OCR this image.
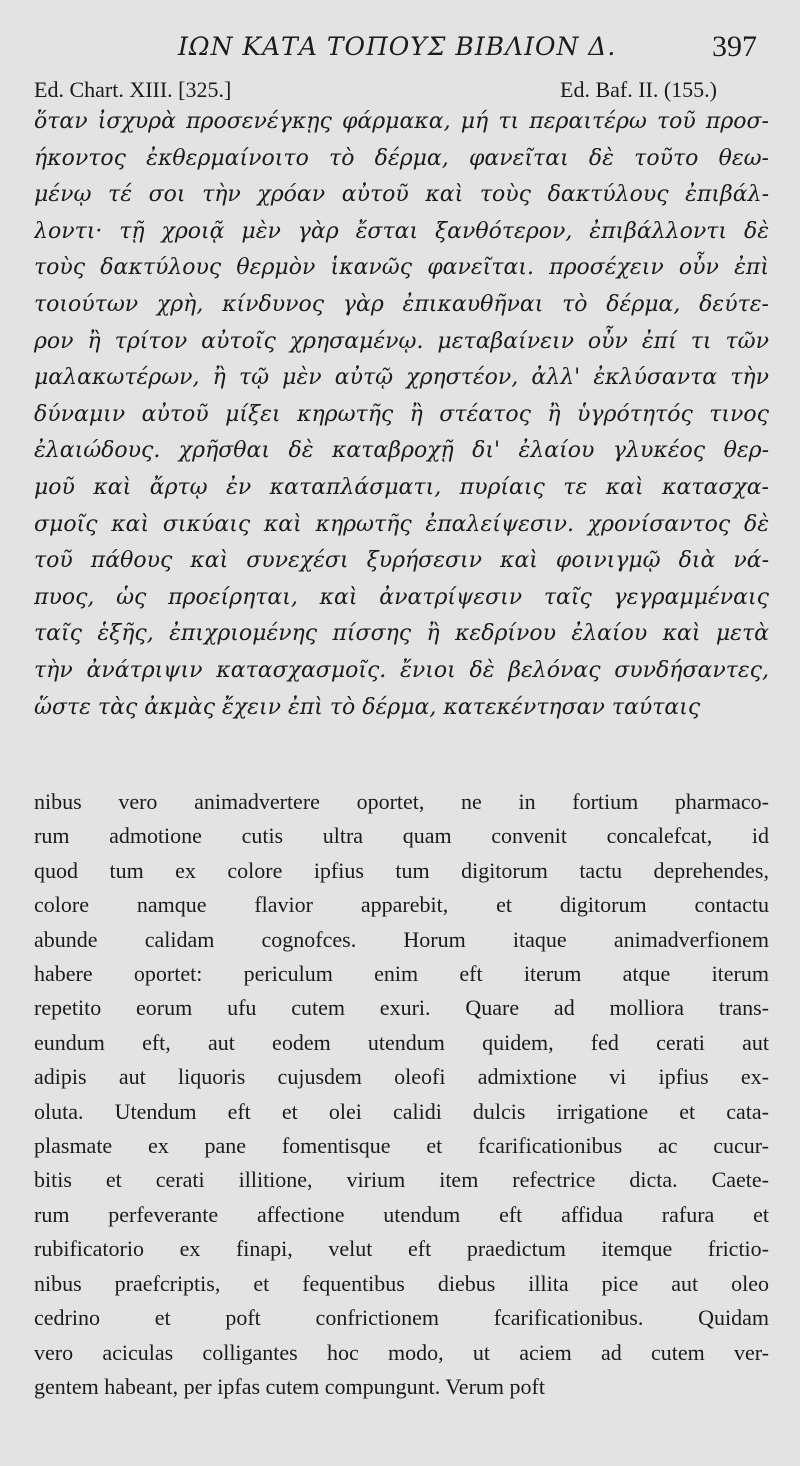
ΙΩΝ ΚΑΤΑ ΤΟΠΟΥΣ ΒΙΒΛΙΟΝ Δ.	397
Ed. Chart. XIII. [325.]	Ed. Baf. II. (155.)
ὅταν ἰσχυρὰ προσενέγκῃς φάρμακα, μή τι περαιτέρω τοῦ προσ-
ήκοντος ἐκθερμαίνοιτο τὸ δέρμα, φανεῖται δὲ τοῦτο θεω-
μένῳ τέ σοι τὴν χρόαν αὐτοῦ καὶ τοὺς δακτύλους ἐπιβάλ-
λοντι· τῇ χροιᾷ μὲν γὰρ ἔσται ξανθότερον, ἐπιβάλλοντι δὲ
τοὺς δακτύλους θερμὸν ἱκανῶς φανεῖται. προσέχειν οὖν ἐπὶ
τοιούτων χρὴ, κίνδυνος γὰρ ἐπικαυθῆναι τὸ δέρμα, δεύτε-
ρον ἢ τρίτον αὐτοῖς χρησαμένῳ. μεταβαίνειν οὖν ἐπί τι τῶν
μαλακωτέρων, ἢ τῷ μὲν αὐτῷ χρηστέον, ἀλλ' ἐκλύσαντα τὴν
δύναμιν αὐτοῦ μίξει κηρωτῆς ἢ στέατος ἢ ὑγρότητός τινος
ἐλαιώδους. χρῆσθαι δὲ καταβροχῇ δι' ἐλαίου γλυκέος θερ-
μοῦ καὶ ἄρτῳ ἐν καταπλάσματι, πυρίαις τε καὶ κατασχα-
σμοῖς καὶ σικύαις καὶ κηρωτῆς ἐπαλείψεσιν. χρονίσαντος δὲ
τοῦ πάθους καὶ συνεχέσι ξυρήσεσιν καὶ φοινιγμῷ διὰ νά-
πυος, ὡς προείρηται, καὶ ἀνατρίψεσιν ταῖς γεγραμμέναις
ταῖς ἑξῆς, ἐπιχριομένης πίσσης ἢ κεδρίνου ἐλαίου καὶ μετὰ
τὴν ἀνάτριψιν κατασχασμοῖς. ἔνιοι δὲ βελόνας συνδήσαντες,
ὥστε τὰς ἀκμὰς ἔχειν ἐπὶ τὸ δέρμα, κατεκέντησαν ταύταις
nibus vero animadvertere oportet, ne in fortium pharmaco-
rum admotione cutis ultra quam convenit concalefcat, id
quod tum ex colore ipfius tum digitorum tactu deprehendes,
colore namque flavior apparebit, et digitorum contactu
abunde calidam cognofces. Horum itaque animadverfionem
habere oportet: periculum enim eft iterum atque iterum
repetito eorum ufu cutem exuri. Quare ad molliora trans-
eundum eft, aut eodem utendum quidem, fed cerati aut
adipis aut liquoris cujusdem oleofi admixtione vi ipfius ex-
oluta. Utendum eft et olei calidi dulcis irrigatione et cata-
plasmate ex pane fomentisque et fcarificationibus ac cucur-
bitis et cerati illitione, virium item refectrice dicta. Caete-
rum perfeverante affectione utendum eft affidua rafura et
rubificatorio ex finapi, velut eft praedictum itemque frictio-
nibus praefcriptis, et fequentibus diebus illita pice aut oleo
cedrino et poft confrictionem fcarificationibus. Quidam
vero aciculas colligantes hoc modo, ut aciem ad cutem ver-
gentem habeant, per ipfas cutem compungunt. Verum poft
